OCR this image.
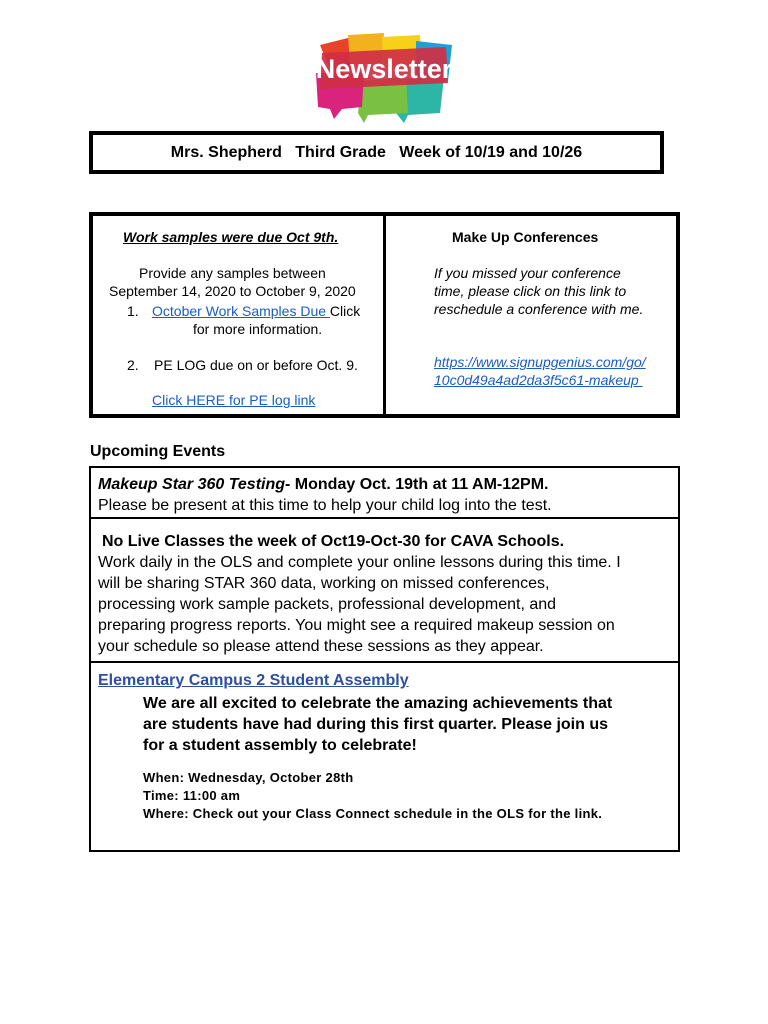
Newsletter
Mrs. Shepherd   Third Grade   Week of 10/19 and 10/26
Work samples were due Oct 9th.
Provide any samples between
September 14, 2020 to October 9, 2020
1. October Work Samples Due Click
for more information.
2. PE LOG due on or before Oct. 9.
Click HERE for PE log link
Make Up Conferences
If you missed your conference
time, please click on this link to
reschedule a conference with me.
https://www.signupgenius.com/go/
10c0d49a4ad2da3f5c61-makeup
Upcoming Events
Makeup Star 360 Testing- Monday Oct. 19th at 11 AM-12PM.
Please be present at this time to help your child log into the test.
No Live Classes the week of Oct19-Oct-30 for CAVA Schools.
Work daily in the OLS and complete your online lessons during this time. I
will be sharing STAR 360 data, working on missed conferences,
processing work sample packets, professional development, and
preparing progress reports. You might see a required makeup session on
your schedule so please attend these sessions as they appear.
Elementary Campus 2 Student Assembly
We are all excited to celebrate the amazing achievements that
are students have had during this first quarter. Please join us
for a student assembly to celebrate!
When: Wednesday, October 28th
Time: 11:00 am
Where: Check out your Class Connect schedule in the OLS for the link.
